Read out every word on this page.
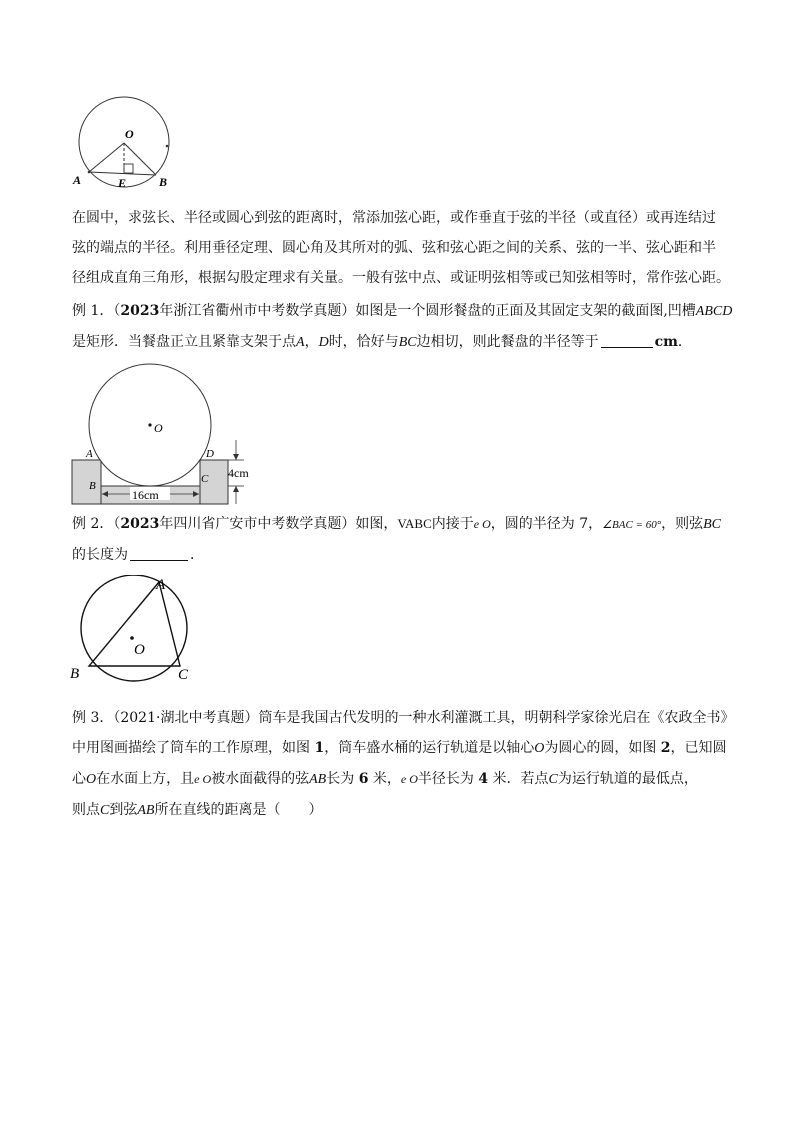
O
A	E	B
在圆中，求弦长、半径或圆心到弦的距离时，常添加弦心距，或作垂直于弦的半径（或直径）或再连结过
弦的端点的半径。利用垂径定理、圆心角及其所对的弧、弦和弦心距之间的关系、弦的一半、弦心距和半
径组成直角三角形，根据勾股定理求有关量。一般有弦中点、或证明弦相等或已知弦相等时，常作弦心距。
例 1．（2023年浙江省衢州市中考数学真题）如图是一个圆形餐盘的正面及其固定支架的截面图,凹槽ABCD
是矩形．当餐盘正立且紧靠支架于点A，D时，恰好与BC边相切，则此餐盘的半径等于	cm．
O
A	D
B
C 4cm
16cm
例 2．（2023年四川省广安市中考数学真题）如图，VABC内接于e O，圆的半径为 7，∠BAC = 60°，则弦BC
的长度为	．
A
O
B	C
例 3．（2021·湖北中考真题）筒车是我国古代发明的一种水利灌溉工具，明朝科学家徐光启在《农政全书》
中用图画描绘了筒车的工作原理，如图 1，筒车盛水桶的运行轨道是以轴心O为圆心的圆，如图 2，已知圆
心O在水面上方，且e O被水面截得的弦AB长为 6 米，e O半径长为 4 米．若点C为运行轨道的最低点，
则点C到弦AB所在直线的距离是（　　）
